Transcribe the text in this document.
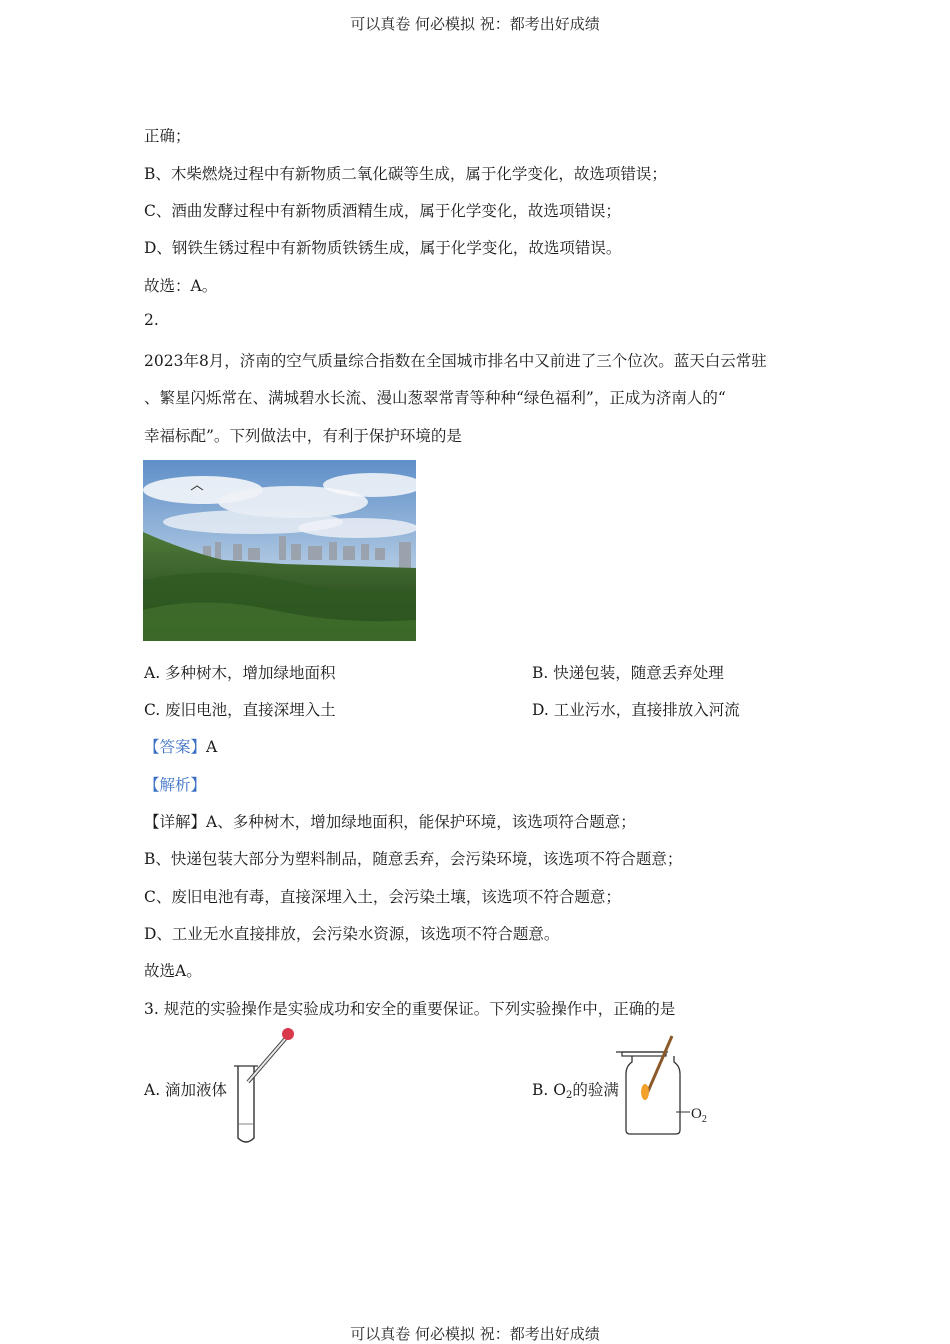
可以真卷 何必模拟 祝：都考出好成绩
正确；
B、木柴燃烧过程中有新物质二氧化碳等生成，属于化学变化，故选项错误；
C、酒曲发酵过程中有新物质酒精生成，属于化学变化，故选项错误；
D、钢铁生锈过程中有新物质铁锈生成，属于化学变化，故选项错误。
故选：A。
2.
2023年8月，济南的空气质量综合指数在全国城市排名中又前进了三个位次。蓝天白云常驻
、繁星闪烁常在、满城碧水长流、漫山葱翠常青等种种“绿色福利”，正成为济南人的“
幸福标配”。下列做法中，有利于保护环境的是
A. 多种树木，增加绿地面积	B. 快递包装，随意丢弃处理
C. 废旧电池，直接深埋入土	D. 工业污水，直接排放入河流
【答案】A
【解析】
【详解】A、多种树木，增加绿地面积，能保护环境，该选项符合题意；
B、快递包装大部分为塑料制品，随意丢弃，会污染环境，该选项不符合题意；
C、废旧电池有毒，直接深埋入土，会污染土壤，该选项不符合题意；
D、工业无水直接排放，会污染水资源，该选项不符合题意。
故选A。
3. 规范的实验操作是实验成功和安全的重要保证。下列实验操作中，正确的是
A. 滴加液体	B. $O_2$的验满
$O_2$
可以真卷 何必模拟 祝：都考出好成绩
